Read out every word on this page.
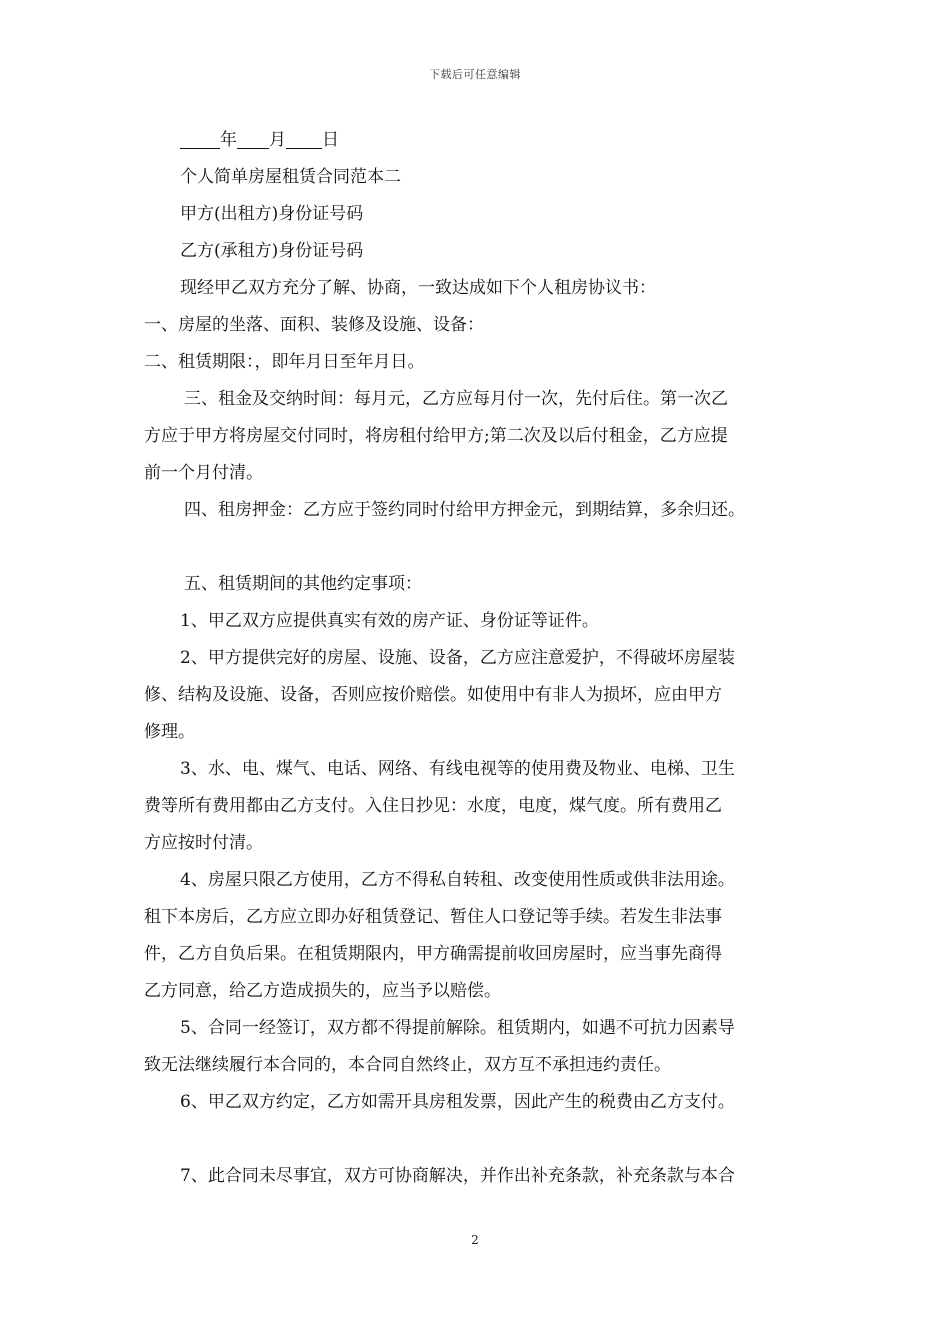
下载后可任意编辑
年 月 日
个人简单房屋租赁合同范本二
甲方(出租方)身份证号码
乙方(承租方)身份证号码
现经甲乙双方充分了解、协商，一致达成如下个人租房协议书：
一、房屋的坐落、面积、装修及设施、设备：
二、租赁期限：，即年月日至年月日。
三、租金及交纳时间：每月元，乙方应每月付一次，先付后住。第一次乙
方应于甲方将房屋交付同时，将房租付给甲方;第二次及以后付租金，乙方应提
前一个月付清。
四、租房押金：乙方应于签约同时付给甲方押金元，到期结算，多余归还。
五、租赁期间的其他约定事项：
1、甲乙双方应提供真实有效的房产证、身份证等证件。
2、甲方提供完好的房屋、设施、设备，乙方应注意爱护，不得破坏房屋装
修、结构及设施、设备，否则应按价赔偿。如使用中有非人为损坏，应由甲方
修理。
3、水、电、煤气、电话、网络、有线电视等的使用费及物业、电梯、卫生
费等所有费用都由乙方支付。入住日抄见：水度，电度，煤气度。所有费用乙
方应按时付清。
4、房屋只限乙方使用，乙方不得私自转租、改变使用性质或供非法用途。
租下本房后，乙方应立即办好租赁登记、暂住人口登记等手续。若发生非法事
件，乙方自负后果。在租赁期限内，甲方确需提前收回房屋时，应当事先商得
乙方同意，给乙方造成损失的，应当予以赔偿。
5、合同一经签订，双方都不得提前解除。租赁期内，如遇不可抗力因素导
致无法继续履行本合同的，本合同自然终止，双方互不承担违约责任。
6、甲乙双方约定，乙方如需开具房租发票，因此产生的税费由乙方支付。
7、此合同未尽事宜，双方可协商解决，并作出补充条款，补充条款与本合
2
